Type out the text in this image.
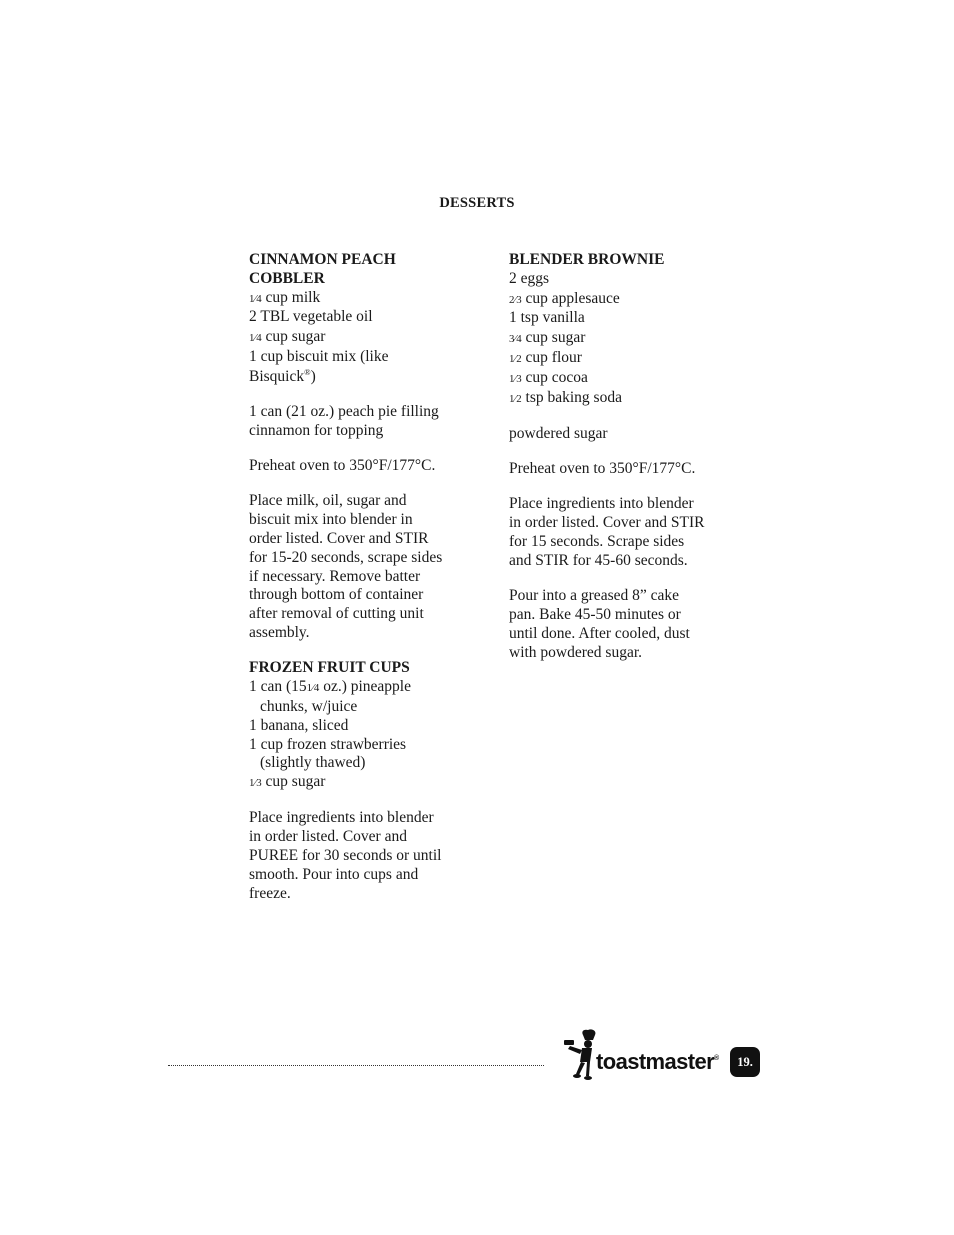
DESSERTS

CINNAMON PEACH

COBBLER

1⁄4 cup milk

2 TBL vegetable oil

1⁄4 cup sugar

1 cup biscuit mix (like

Bisquick®)

1 can (21 oz.) peach pie filling

cinnamon for topping

Preheat oven to 350°F/177°C.

Place milk, oil, sugar and

biscuit mix into blender in

order listed. Cover and STIR

for 15-20 seconds, scrape sides

if necessary. Remove batter

through bottom of container

after removal of cutting unit

assembly.

FROZEN FRUIT CUPS

1 can (151⁄4 oz.) pineapple

chunks, w/juice

1 banana, sliced

1 cup frozen strawberries

(slightly thawed)

1⁄3 cup sugar

Place ingredients into blender

in order listed. Cover and

PUREE for 30 seconds or until

smooth. Pour into cups and

freeze.

BLENDER BROWNIE

2 eggs

2⁄3 cup applesauce

1 tsp vanilla

3⁄4 cup sugar

1⁄2 cup flour

1⁄3 cup cocoa

1⁄2 tsp baking soda

powdered sugar

Preheat oven to 350°F/177°C.

Place ingredients into blender

in order listed. Cover and STIR

for 15 seconds. Scrape sides

and STIR for 45-60 seconds.

Pour into a greased 8” cake

pan. Bake 45-50 minutes or

until done. After cooled, dust

with powdered sugar.

toastmaster ®	19.
